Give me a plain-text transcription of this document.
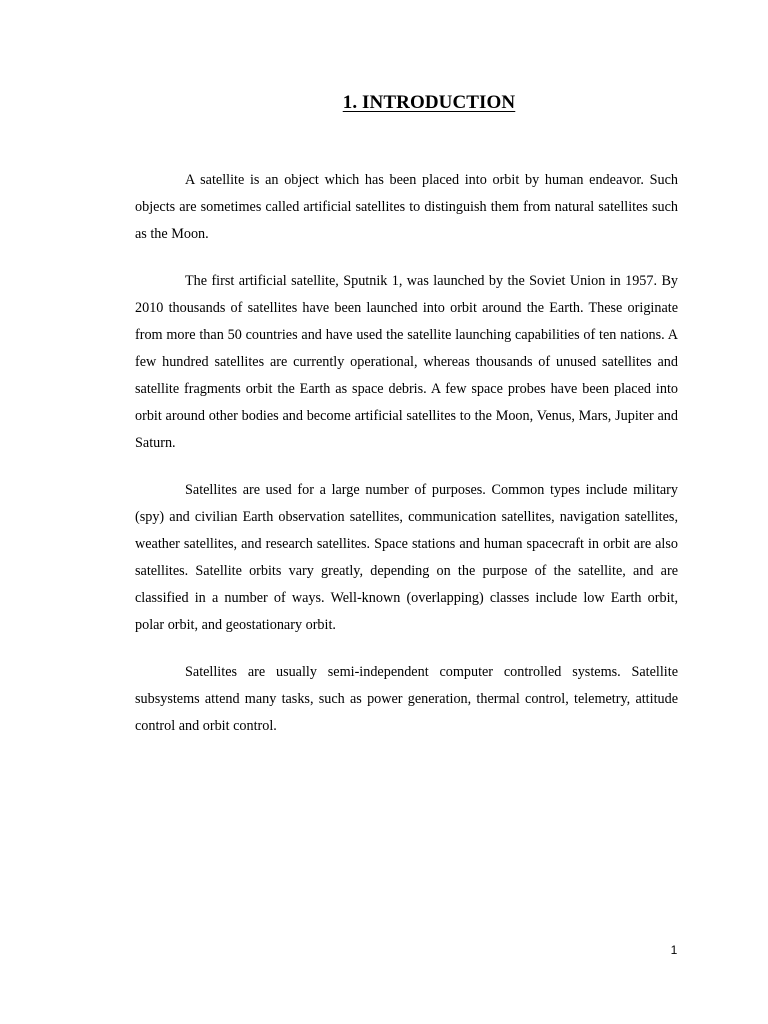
1. INTRODUCTION

A satellite is an object which has been placed into orbit by human endeavor. Such objects are sometimes called artificial satellites to distinguish them from natural satellites such as the Moon.

The first artificial satellite, Sputnik 1, was launched by the Soviet Union in 1957. By 2010 thousands of satellites have been launched into orbit around the Earth. These originate from more than 50 countries and have used the satellite launching capabilities of ten nations. A few hundred satellites are currently operational, whereas thousands of unused satellites and satellite fragments orbit the Earth as space debris. A few space probes have been placed into orbit around other bodies and become artificial satellites to the Moon, Venus, Mars, Jupiter and Saturn.

Satellites are used for a large number of purposes. Common types include military (spy) and civilian Earth observation satellites, communication satellites, navigation satellites, weather satellites, and research satellites. Space stations and human spacecraft in orbit are also satellites. Satellite orbits vary greatly, depending on the purpose of the satellite, and are classified in a number of ways. Well-known (overlapping) classes include low Earth orbit, polar orbit, and geostationary orbit.

Satellites are usually semi-independent computer controlled systems. Satellite subsystems attend many tasks, such as power generation, thermal control, telemetry, attitude control and orbit control.

1
